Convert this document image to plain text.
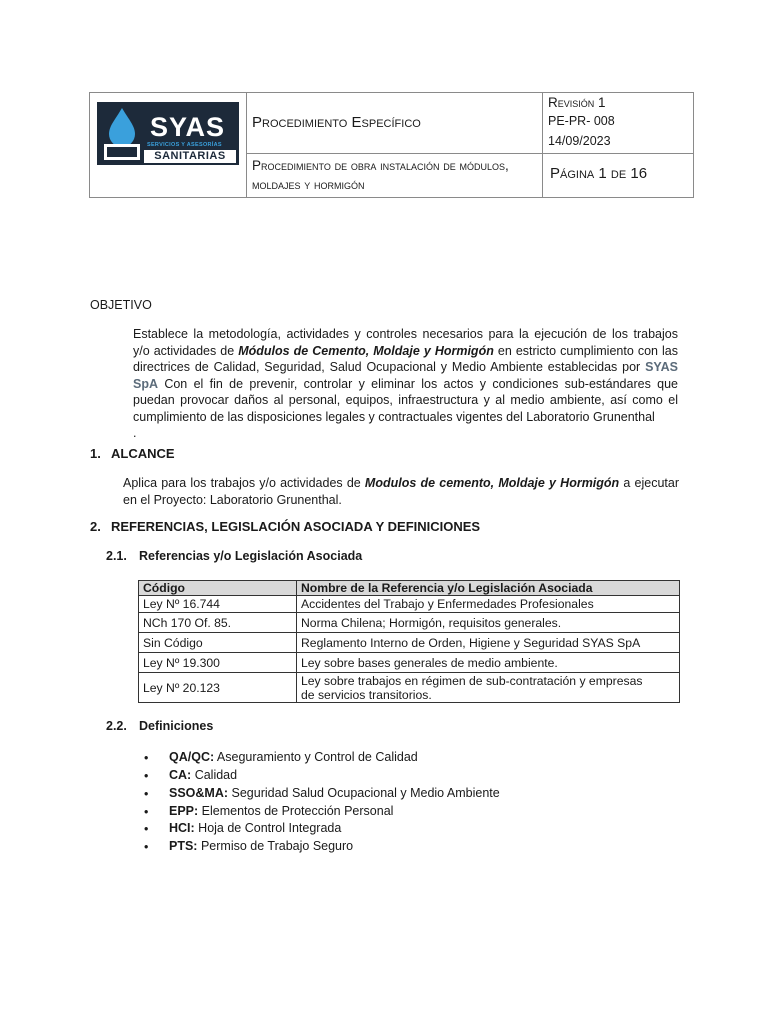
SYAS
SERVICIOS Y ASESORÍAS
SANITARIAS
Procedimiento Específico
Procedimiento de obra instalación de módulos,
moldajes y hormigón
Revisión 1
PE-PR- 008
14/09/2023
Página 1 de 16
OBJETIVO
Establece la metodología, actividades y controles necesarios para la ejecución de los trabajos
y/o actividades de Módulos de Cemento, Moldaje y Hormigón en estricto cumplimiento con las
directrices de Calidad, Seguridad, Salud Ocupacional y Medio Ambiente establecidas por SYAS
SpA Con el fin de prevenir, controlar y eliminar los actos y condiciones sub-estándares que
puedan provocar daños al personal, equipos, infraestructura y al medio ambiente, así como el
cumplimiento de las disposiciones legales y contractuales vigentes del Laboratorio Grunenthal
.
1. ALCANCE
Aplica para los trabajos y/o actividades de Modulos de cemento, Moldaje y Hormigón a ejecutar
en el Proyecto: Laboratorio Grunenthal.
2. REFERENCIAS, LEGISLACIÓN ASOCIADA Y DEFINICIONES
2.1. Referencias y/o Legislación Asociada
Código	Nombre de la Referencia y/o Legislación Asociada
Ley Nº 16.744	Accidentes del Trabajo y Enfermedades Profesionales
NCh 170 Of. 85.	Norma Chilena; Hormigón, requisitos generales.
Sin Código	Reglamento Interno de Orden, Higiene y Seguridad SYAS SpA
Ley Nº 19.300	Ley sobre bases generales de medio ambiente.
Ley Nº 20.123	Ley sobre trabajos en régimen de sub-contratación y empresas
de servicios transitorios.
2.2. Definiciones
• QA/QC: Aseguramiento y Control de Calidad
• CA: Calidad
• SSO&MA: Seguridad Salud Ocupacional y Medio Ambiente
• EPP: Elementos de Protección Personal
• HCI: Hoja de Control Integrada
• PTS: Permiso de Trabajo Seguro
